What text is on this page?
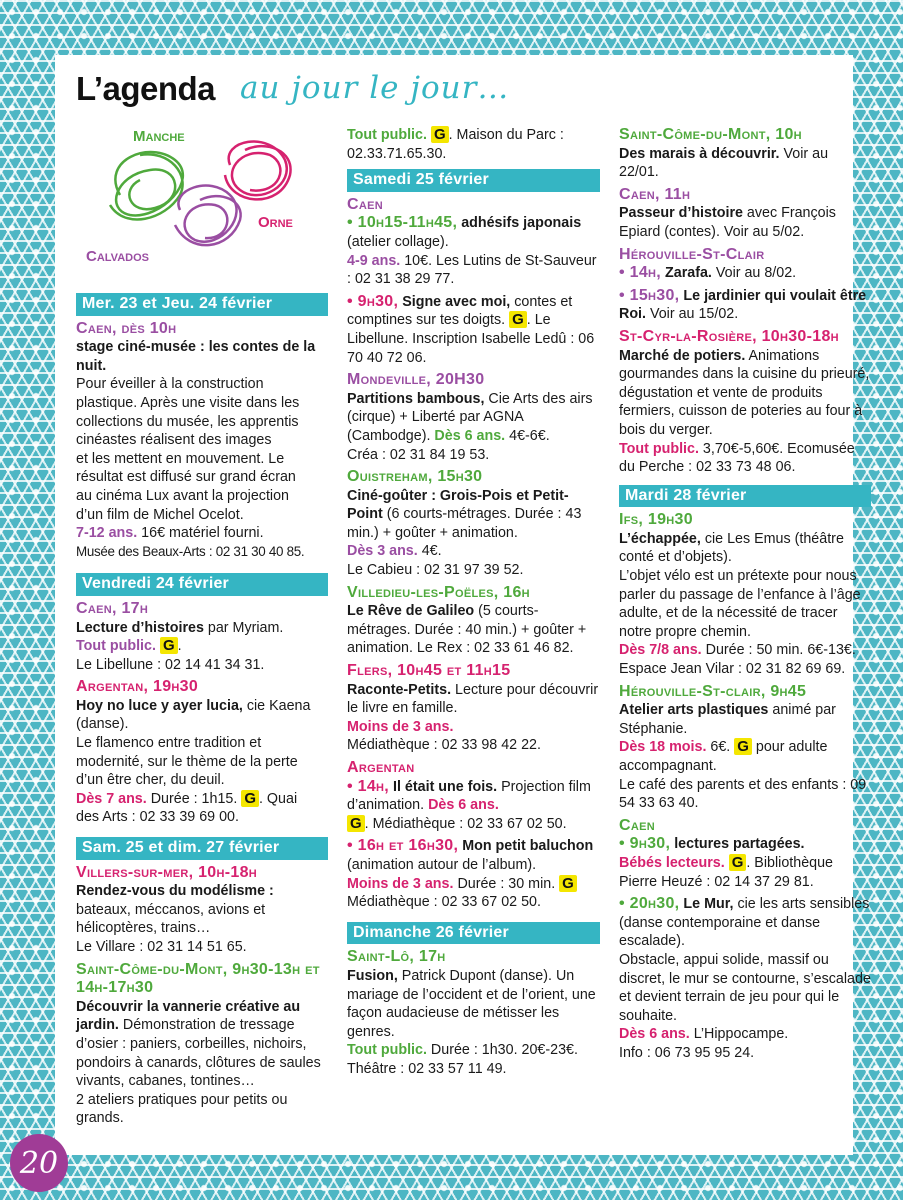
L’agenda au jour le jour…
Manche
Orne
Calvados
Mer. 23 et Jeu. 24 février
Caen, dès 10h

stage ciné-musée : les contes de la nuit.

Pour éveiller à la construction

plastique. Après une visite dans les

collections du musée, les apprentis

cinéastes réalisent des images

et les mettent en mouvement. Le

résultat est diffusé sur grand écran

au cinéma Lux avant la projection

d’un film de Michel Ocelot.

7-12 ans. 16€ matériel fourni.

Musée des Beaux-Arts : 02 31 30 40 85.

Vendredi 24 février
Caen, 17h

Lecture d’histoires par Myriam.

Tout public. G .

Le Libellune : 02 14 41 34 31.

Argentan, 19h30

Hoy no luce y ayer lucia, cie Kaena (danse).

Le flamenco entre tradition et

modernité, sur le thème de la perte

d’un être cher, du deuil.

Dès 7 ans. Durée : 1h15. G . Quai

des Arts : 02 33 39 69 00.

Sam. 25 et dim. 27 février
Villers-sur-mer, 10h-18h

Rendez-vous du modélisme :

bateaux, méccanos, avions et

hélicoptères, trains…

Le Villare : 02 31 14 51 65.

Saint-Côme-du-Mont, 9h30-13h et 14h-17h30

Découvrir la vannerie créative au jardin. Démonstration de tressage d’osier : paniers, corbeilles, nichoirs, pondoirs à canards, clôtures de saules vivants, cabanes, tontines…

2 ateliers pratiques pour petits ou grands.

Tout public. G . Maison du Parc :

02.33.71.65.30.

Samedi 25 février
Caen

• 10h15-11h45, adhésifs japonais (atelier collage).

4-9 ans. 10€. Les Lutins de St-Sauveur : 02 31 38 29 77.

• 9h30, Signe avec moi, contes et comptines sur tes doigts. G . Le Libellune. Inscription Isabelle Ledû : 06 70 40 72 06.

Mondeville, 20H30

Partitions bambous, Cie Arts des airs (cirque) + Liberté par AGNA (Cambodge). Dès 6 ans. 4€-6€.

Créa : 02 31 84 19 53.

Ouistreham, 15h30

Ciné-goûter : Grois-Pois et Petit-Point (6 courts-métrages. Durée : 43 min.) + goûter + animation.

Dès 3 ans. 4€.

Le Cabieu : 02 31 97 39 52.

Villedieu-les-Poëles, 16h

Le Rêve de Galileo (5 courts-métrages. Durée : 40 min.) + goûter + animation. Le Rex : 02 33 61 46 82.

Flers, 10h45 et 11h15

Raconte-Petits. Lecture pour découvrir le livre en famille.

Moins de 3 ans.

Médiathèque : 02 33 98 42 22.

Argentan

• 14h, Il était une fois. Projection film d’animation. Dès 6 ans.

G . Médiathèque : 02 33 67 02 50.

• 16h et 16h30, Mon petit baluchon (animation autour de l’album).

Moins de 3 ans. Durée : 30 min. G

Médiathèque : 02 33 67 02 50.

Dimanche 26 février
Saint-Lô, 17h

Fusion, Patrick Dupont (danse). Un mariage de l’occident et de l’orient, une façon audacieuse de métisser les genres.

Tout public. Durée : 1h30. 20€-23€.

Théâtre : 02 33 57 11 49.

Saint-Côme-du-Mont, 10h

Des marais à découvrir. Voir au 22/01.

Caen, 11h

Passeur d’histoire avec François Epiard (contes). Voir au 5/02.

Hérouville-St-Clair

• 14h, Zarafa. Voir au 8/02.

• 15h30, Le jardinier qui voulait être Roi. Voir au 15/02.

St-Cyr-la-Rosière, 10h30-18h

Marché de potiers. Animations gourmandes dans la cuisine du prieuré, dégustation et vente de produits fermiers, cuisson de poteries au four à bois du verger.

Tout public. 3,70€-5,60€. Ecomusée du Perche : 02 33 73 48 06.

Mardi 28 février
Ifs, 19h30

L’échappée, cie Les Emus (théâtre conté et d’objets).

L’objet vélo est un prétexte pour nous parler du passage de l’enfance à l’âge adulte, et de la nécessité de tracer notre propre chemin.

Dès 7/8 ans. Durée : 50 min. 6€-13€.

Espace Jean Vilar : 02 31 82 69 69.

Hérouville-St-clair, 9h45

Atelier arts plastiques animé par Stéphanie.

Dès 18 mois. 6€. G pour adulte accompagnant.

Le café des parents et des enfants : 09 54 33 63 40.

Caen

• 9h30, lectures partagées.

Bébés lecteurs. G . Bibliothèque Pierre Heuzé : 02 14 37 29 81.

• 20h30, Le Mur, cie les arts sensibles (danse contemporaine et danse escalade).

Obstacle, appui solide, massif ou discret, le mur se contourne, s’escalade et devient terrain de jeu pour qui le souhaite.

Dès 6 ans. L’Hippocampe.

Info : 06 73 95 95 24.

20
